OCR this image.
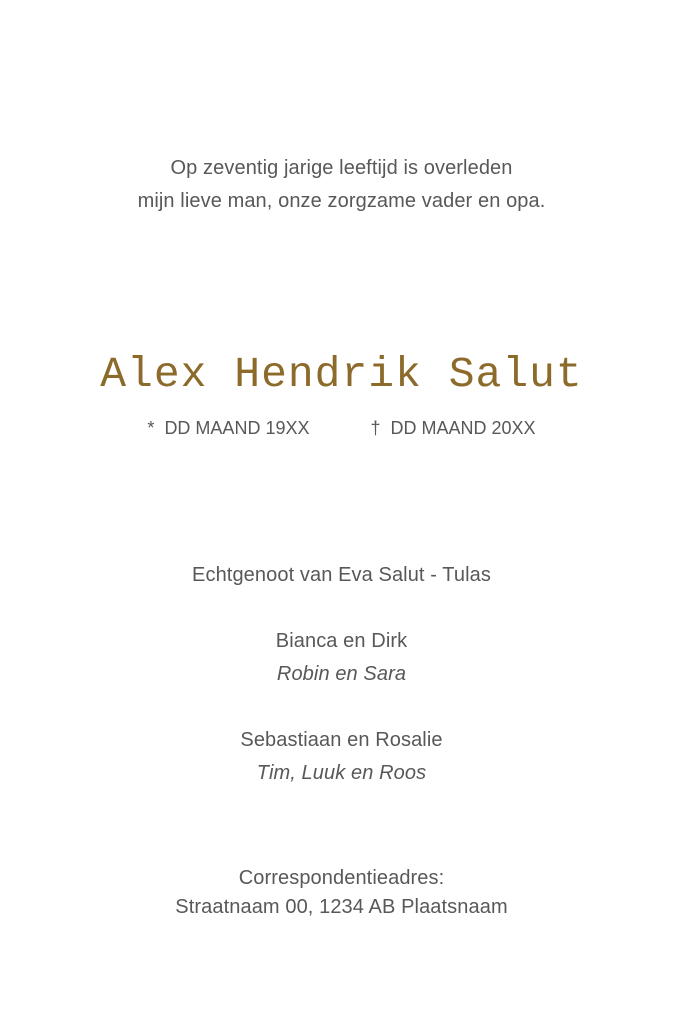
Op zeventig jarige leeftijd is overleden
mijn lieve man, onze zorgzame vader en opa.
Alex Hendrik Salut
* DD MAAND 19XX	† DD MAAND 20XX
Echtgenoot van Eva Salut - Tulas
Bianca en Dirk
Robin en Sara
Sebastiaan en Rosalie
Tim, Luuk en Roos
Correspondentieadres:
Straatnaam 00, 1234 AB Plaatsnaam
